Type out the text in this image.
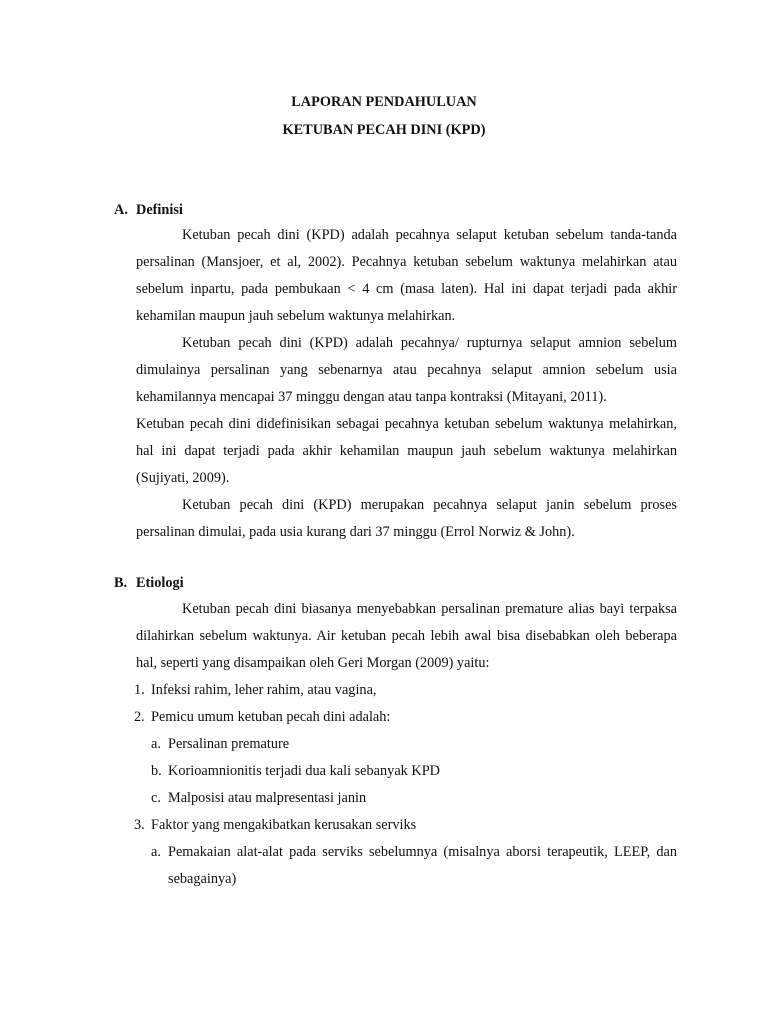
LAPORAN PENDAHULUAN
KETUBAN PECAH DINI (KPD)
A. Definisi

Ketuban pecah dini (KPD) adalah pecahnya selaput ketuban sebelum tanda-tanda persalinan (Mansjoer, et al, 2002). Pecahnya ketuban sebelum waktunya melahirkan atau sebelum inpartu, pada pembukaan < 4 cm (masa laten). Hal ini dapat terjadi pada akhir kehamilan maupun jauh sebelum waktunya melahirkan.

Ketuban pecah dini (KPD) adalah pecahnya/ rupturnya selaput amnion sebelum dimulainya persalinan yang sebenarnya atau pecahnya selaput amnion sebelum usia kehamilannya mencapai 37 minggu dengan atau tanpa kontraksi (Mitayani, 2011).

Ketuban pecah dini didefinisikan sebagai pecahnya ketuban sebelum waktunya melahirkan, hal ini dapat terjadi pada akhir kehamilan maupun jauh sebelum waktunya melahirkan (Sujiyati, 2009).

Ketuban pecah dini (KPD) merupakan pecahnya selaput janin sebelum proses persalinan dimulai, pada usia kurang dari 37 minggu (Errol Norwiz & John).

B. Etiologi

Ketuban pecah dini biasanya menyebabkan persalinan premature alias bayi terpaksa dilahirkan sebelum waktunya. Air ketuban pecah lebih awal bisa disebabkan oleh beberapa hal, seperti yang disampaikan oleh Geri Morgan (2009) yaitu:

1. Infeksi rahim, leher rahim, atau vagina,
2. Pemicu umum ketuban pecah dini adalah:
a. Persalinan premature
b. Korioamnionitis terjadi dua kali sebanyak KPD
c. Malposisi atau malpresentasi janin
3. Faktor yang mengakibatkan kerusakan serviks
a. Pemakaian alat-alat pada serviks sebelumnya (misalnya aborsi terapeutik, LEEP, dan sebagainya)
